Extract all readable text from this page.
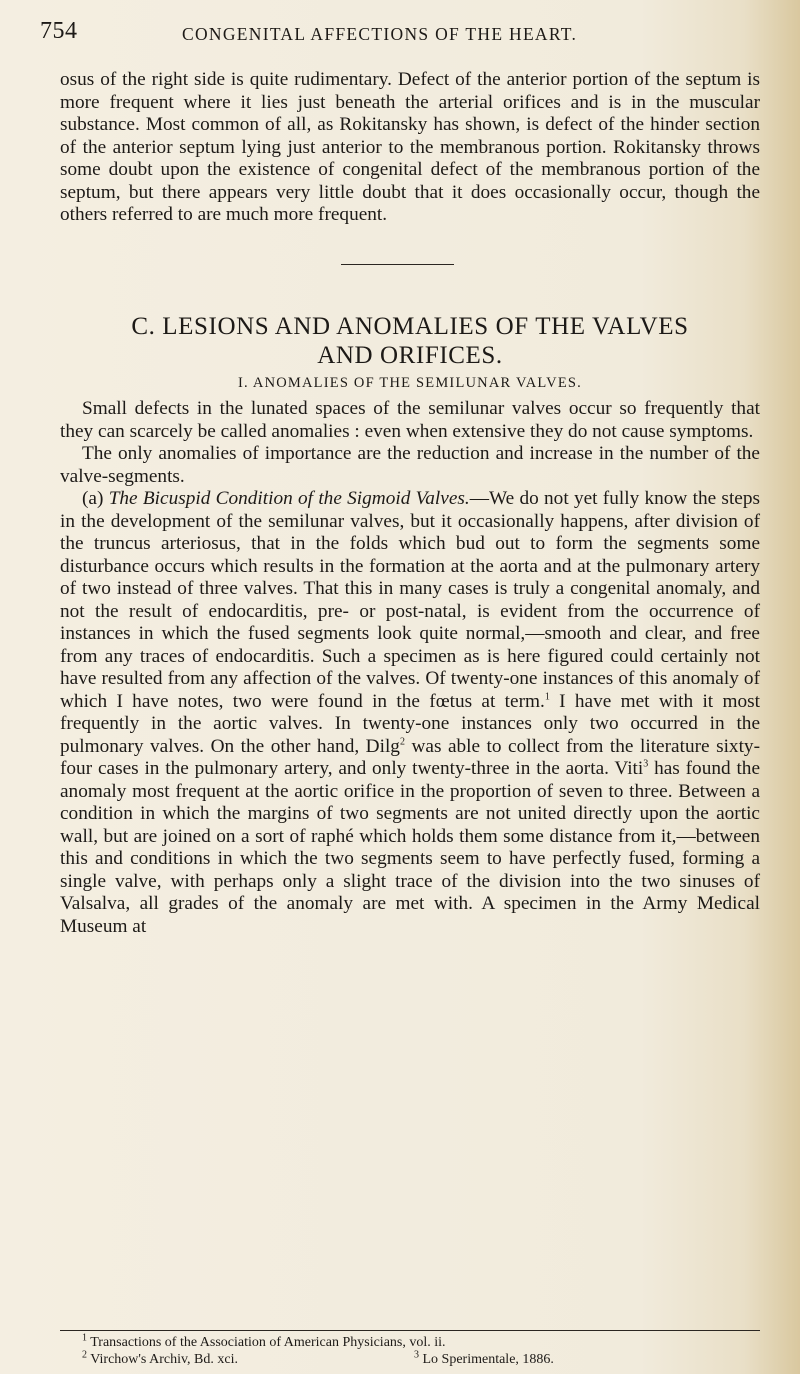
754	CONGENITAL AFFECTIONS OF THE HEART.
osus of the right side is quite rudimentary. Defect of the anterior portion of the septum is more frequent where it lies just beneath the arterial orifices and is in the muscular substance. Most common of all, as Rokitansky has shown, is defect of the hinder section of the anterior septum lying just anterior to the membranous portion. Rokitansky throws some doubt upon the existence of congenital defect of the membranous portion of the septum, but there appears very little doubt that it does occasionally occur, though the others referred to are much more frequent.
C. LESIONS AND ANOMALIES OF THE VALVES
AND ORIFICES.
I. ANOMALIES OF THE SEMILUNAR VALVES.

Small defects in the lunated spaces of the semilunar valves occur so frequently that they can scarcely be called anomalies : even when extensive they do not cause symptoms.

The only anomalies of importance are the reduction and increase in the number of the valve-segments.

(a) The Bicuspid Condition of the Sigmoid Valves.—We do not yet fully know the steps in the development of the semilunar valves, but it occasionally happens, after division of the truncus arteriosus, that in the folds which bud out to form the segments some disturbance occurs which results in the formation at the aorta and at the pulmonary artery of two instead of three valves. That this in many cases is truly a congenital anomaly, and not the result of endocarditis, pre- or post-natal, is evident from the occurrence of instances in which the fused segments look quite normal,—smooth and clear, and free from any traces of endocarditis. Such a specimen as is here figured could certainly not have resulted from any affection of the valves. Of twenty-one instances of this anomaly of which I have notes, two were found in the fœtus at term.$^1$ I have met with it most frequently in the aortic valves. In twenty-one instances only two occurred in the pulmonary valves. On the other hand, Dilg$^2$ was able to collect from the literature sixty-four cases in the pulmonary artery, and only twenty-three in the aorta. Viti$^3$ has found the anomaly most frequent at the aortic orifice in the proportion of seven to three. Between a condition in which the margins of two segments are not united directly upon the aortic wall, but are joined on a sort of raphé which holds them some distance from it,—between this and conditions in which the two segments seem to have perfectly fused, forming a single valve, with perhaps only a slight trace of the division into the two sinuses of Valsalva, all grades of the anomaly are met with. A specimen in the Army Medical Museum at

$^1$ Transactions of the Association of American Physicians, vol. ii.
$^2$ Virchow's Archiv, Bd. xci.	$^3$ Lo Sperimentale, 1886.
